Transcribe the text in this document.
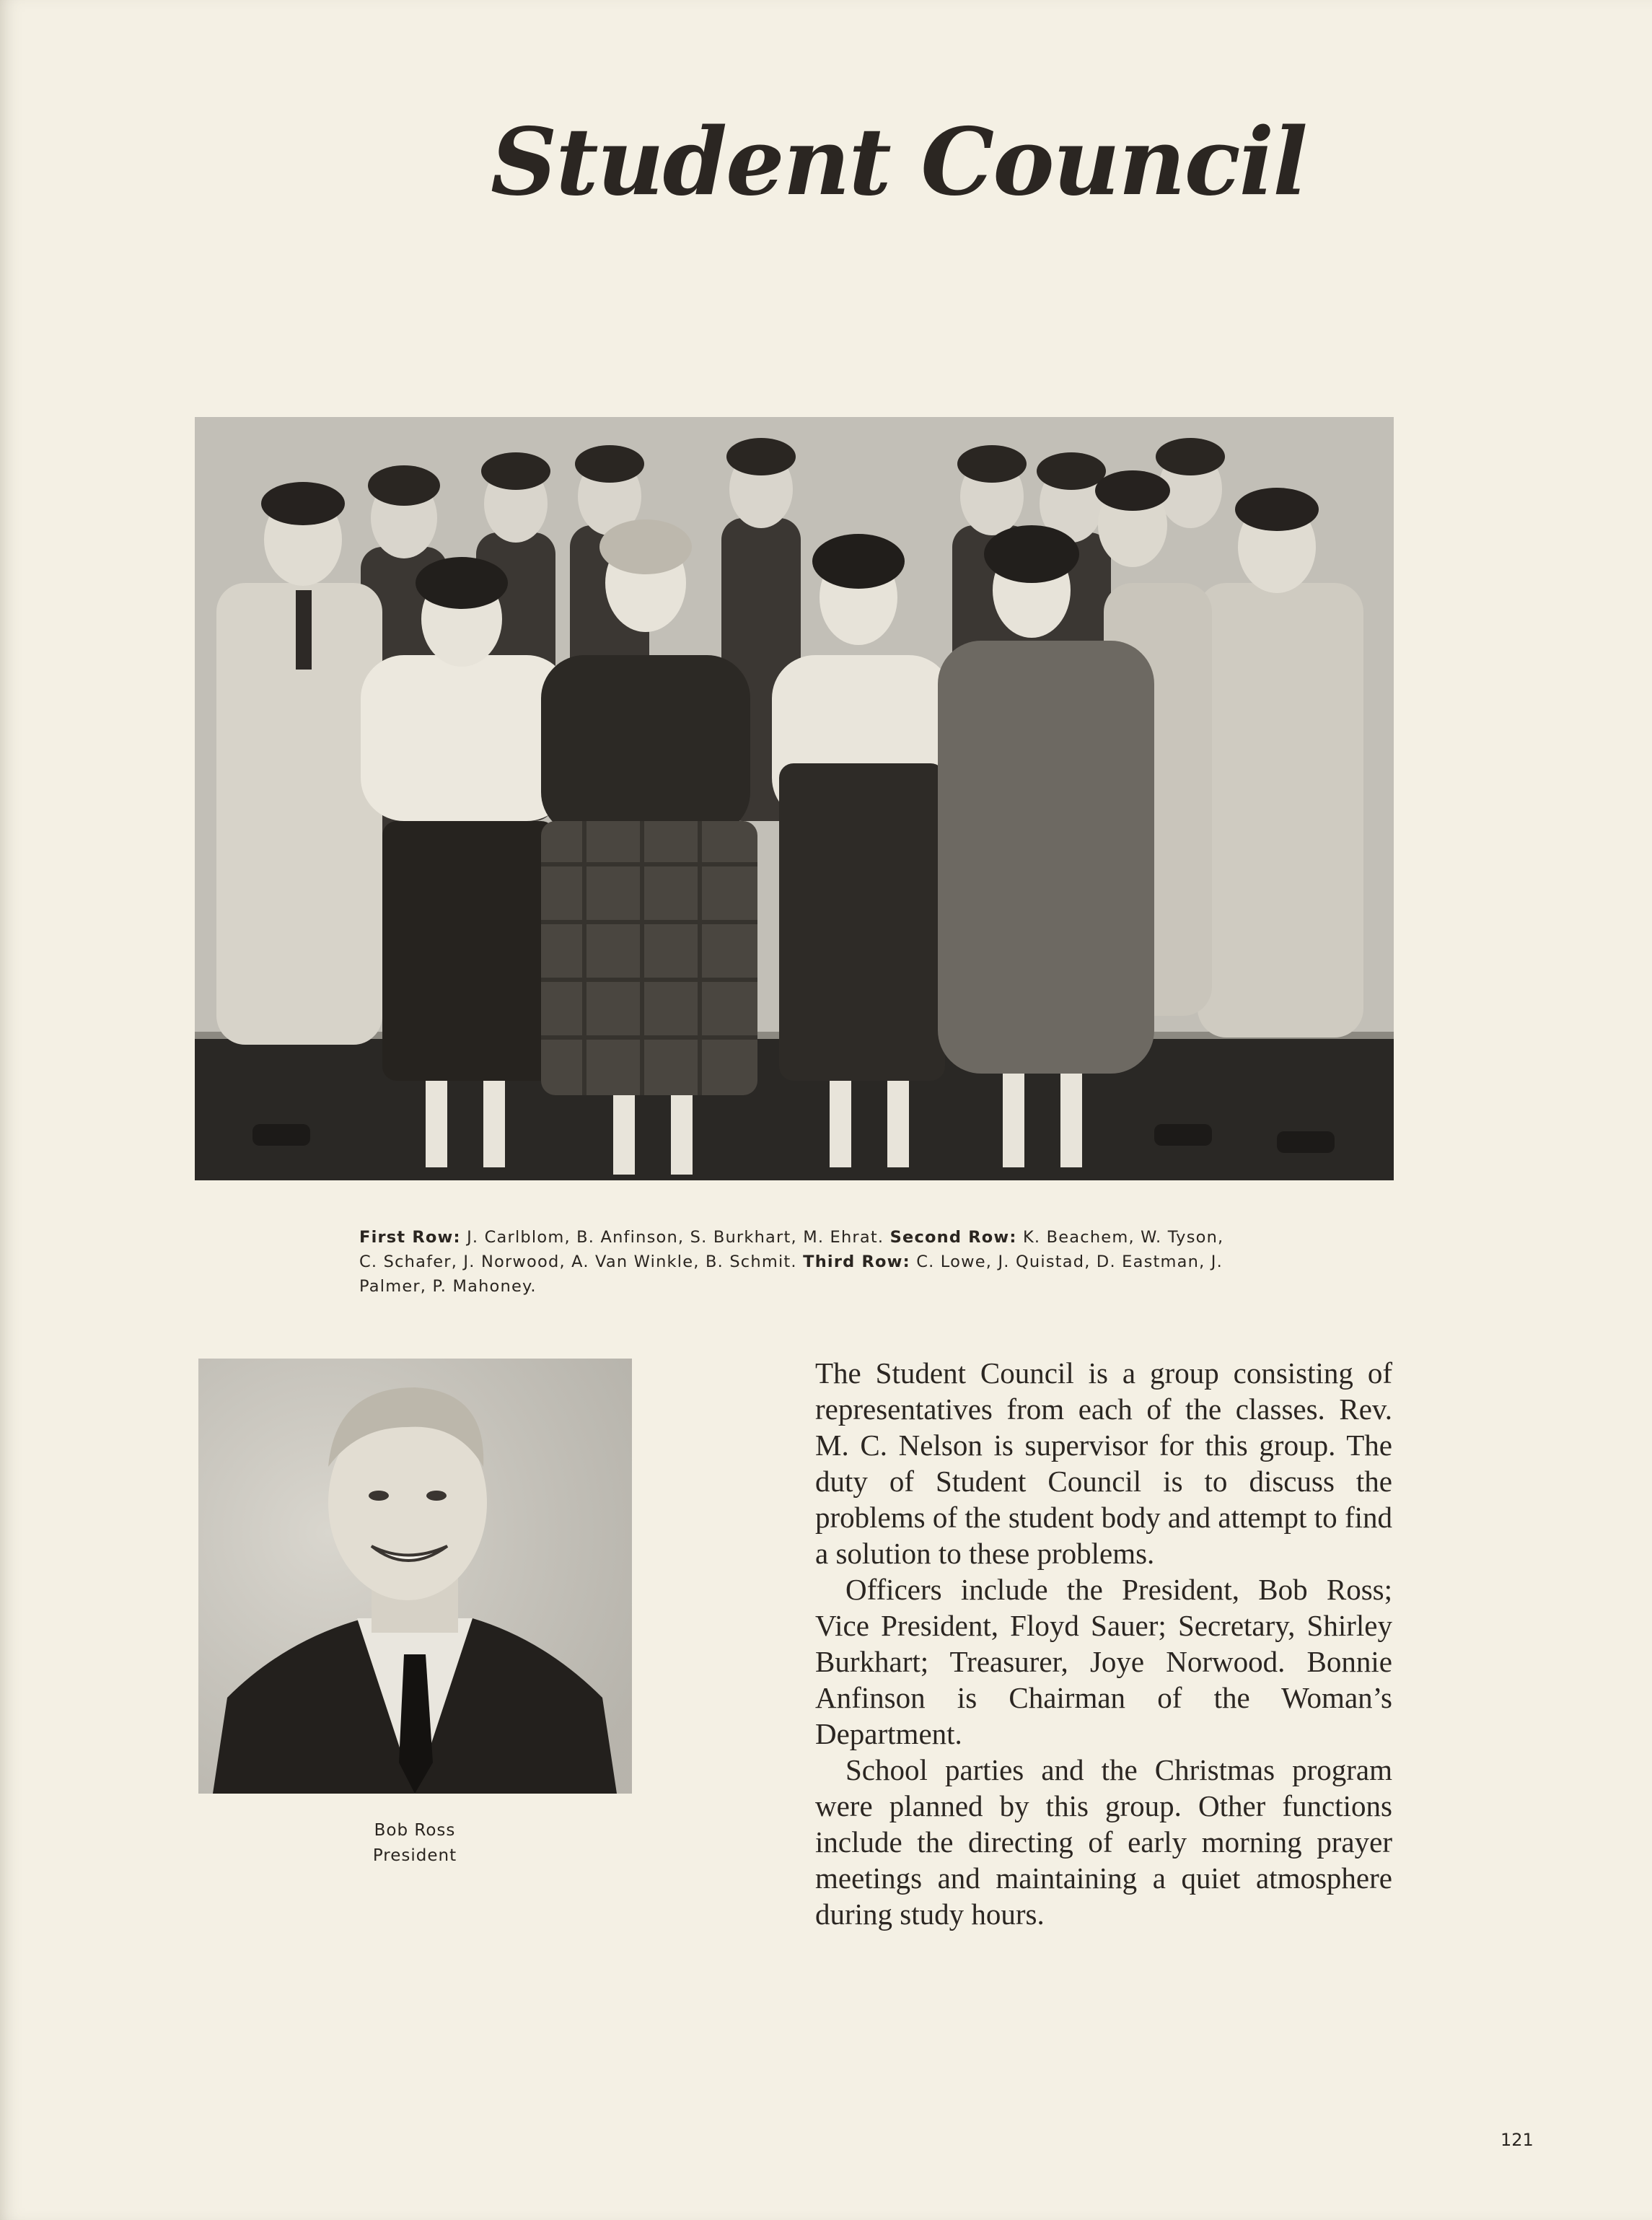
Student Council
First Row: J. Carlblom, B. Anfinson, S. Burkhart, M. Ehrat. Second Row: K. Beachem, W. Tyson, C. Schafer, J. Norwood, A. Van Winkle, B. Schmit. Third Row: C. Lowe, J. Quistad, D. Eastman, J. Palmer, P. Mahoney.
Bob Ross
President

The Student Council is a group consisting of representatives from each of the classes. Rev. M. C. Nelson is supervisor for this group. The duty of Student Council is to discuss the problems of the student body and attempt to find a solution to these problems.

Officers include the President, Bob Ross; Vice President, Floyd Sauer; Secretary, Shirley Burkhart; Treasurer, Joye Norwood. Bonnie Anfinson is Chairman of the Woman’s Department.

School parties and the Christmas program were planned by this group. Other functions include the directing of early morning prayer meetings and maintaining a quiet atmosphere during study hours.

121
